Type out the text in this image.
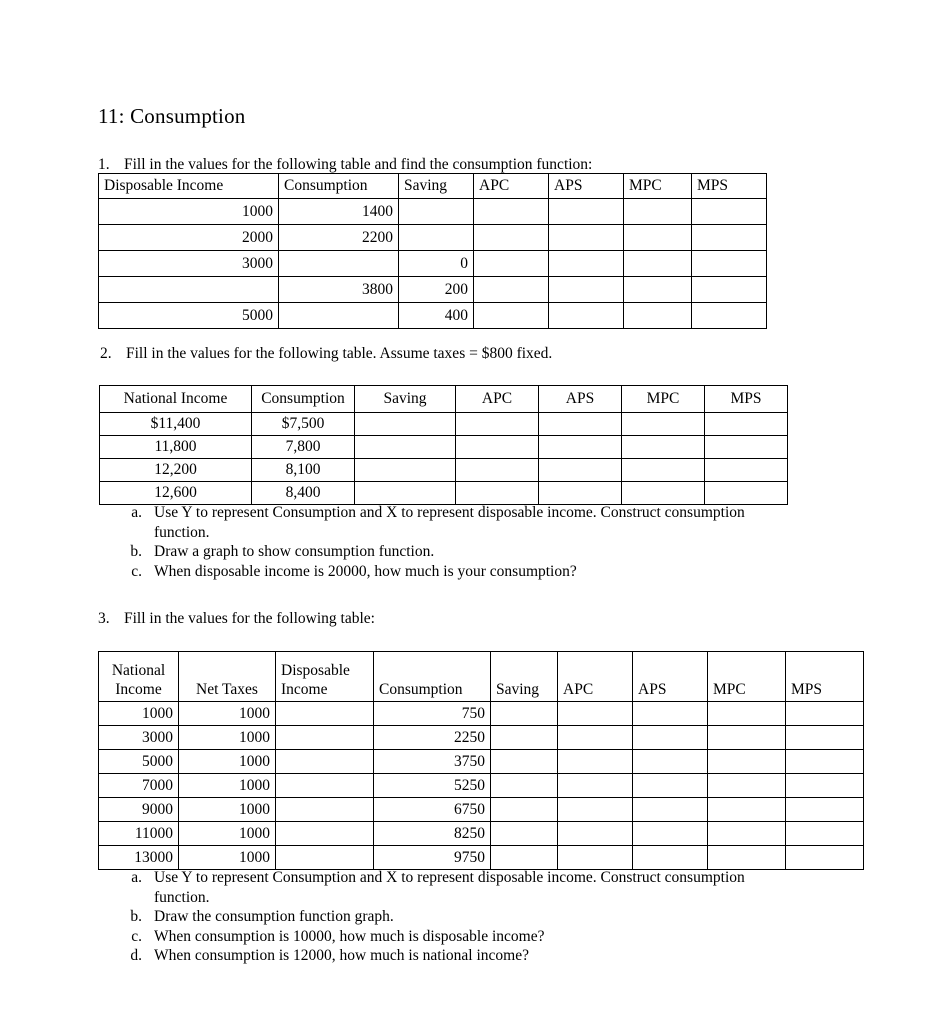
11: Consumption
1. Fill in the values for the following table and find the consumption function:
Disposable Income	Consumption	Saving	APC	APS	MPC	MPS
1000	1400					
2000	2200					
3000		0				
	3800	200				
5000		400				
2. Fill in the values for the following table. Assume taxes = $800 fixed.
National Income	Consumption	Saving	APC	APS	MPC	MPS
$11,400	$7,500					
11,800	7,800					
12,200	8,100					
12,600	8,400					
a. Use Y to represent Consumption and X to represent disposable income. Construct consumption function.
b. Draw a graph to show consumption function.
c. When disposable income is 20000, how much is your consumption?
3. Fill in the values for the following table:
National Income	Net Taxes	Disposable Income	Consumption	Saving	APC	APS	MPC	MPS
1000	1000		750					
3000	1000		2250					
5000	1000		3750					
7000	1000		5250					
9000	1000		6750					
11000	1000		8250					
13000	1000		9750					
a. Use Y to represent Consumption and X to represent disposable income. Construct consumption function.
b. Draw the consumption function graph.
c. When consumption is 10000, how much is disposable income?
d. When consumption is 12000, how much is national income?
